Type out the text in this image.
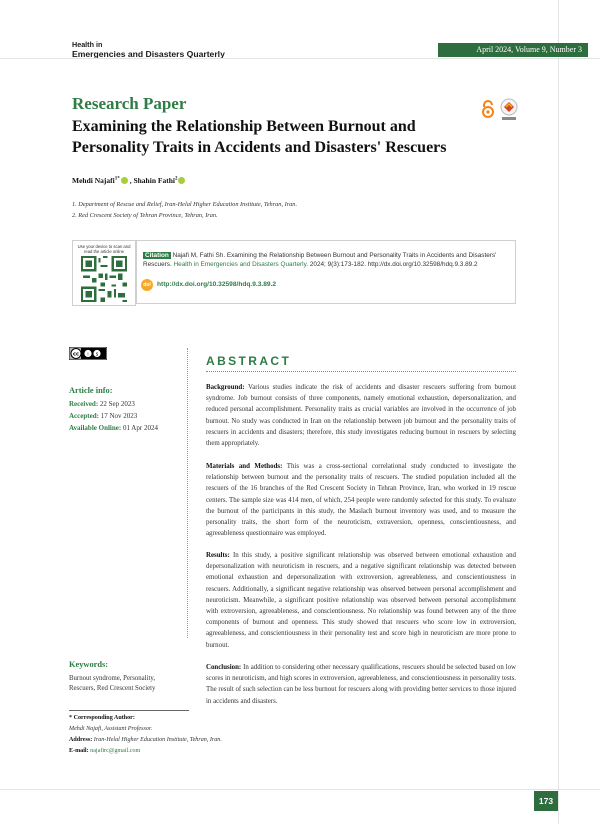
Health in
Emergencies and Disasters Quarterly	April 2024, Volume 9, Number 3
Research Paper
Examining the Relationship Between Burnout and Personality Traits in Accidents and Disasters' Rescuers
Mehdi Najafi$^{1*}$ , Shahin Fathi$^2$
1. Department of Rescue and Relief, Iran-Helal Higher Education Institute, Tehran, Iran.
2. Red Crescent Society of Tehran Province, Tehran, Iran.
Use your device to scan and read the article online
Citation Najafi M, Fathi Sh. Examining the Relationship Between Burnout and Personality Traits in Accidents and Disasters' Rescuers. Health in Emergencies and Disasters Quarterly. 2024; 9(3):173-182. http://dx.doi.org/10.32598/hdq.9.3.89.2
doi http://dx.doi.org/10.32598/hdq.9.3.89.2
cc i $
Article info:
Received: 22 Sep 2023
Accepted: 17 Nov 2023
Available Online: 01 Apr 2024
Keywords:
Burnout syndrome, Personality, Rescuers, Red Crescent Society
ABSTRACT
Background: Various studies indicate the risk of accidents and disaster rescuers suffering from burnout syndrome. Job burnout consists of three components, namely emotional exhaustion, depersonalization, and reduced personal accomplishment. Personality traits as crucial variables are involved in the occurrence of job burnout. No study was conducted in Iran on the relationship between job burnout and the personality traits of rescuers in accidents and disasters; therefore, this study investigates reducing burnout in rescuers by selecting them appropriately.
Materials and Methods: This was a cross-sectional correlational study conducted to investigate the relationship between burnout and the personality traits of rescuers. The studied population included all the rescuers of the 16 branches of the Red Crescent Society in Tehran Province, Iran, who worked in 19 rescue centers. The sample size was 414 men, of which, 254 people were randomly selected for this study. To evaluate the burnout of the participants in this study, the Maslach burnout inventory was used, and to measure the personality traits, the short form of the neuroticism, extraversion, openness, conscientiousness, and agreeableness questionnaire was employed.
Results: In this study, a positive significant relationship was observed between emotional exhaustion and depersonalization with neuroticism in rescuers, and a negative significant relationship was detected between emotional exhaustion and depersonalization with extroversion, agreeableness, and conscientiousness in rescuers. Additionally, a significant negative relationship was observed between personal accomplishment and neuroticism. Meanwhile, a significant positive relationship was observed between personal accomplishment with extroversion, agreeableness, and conscientiousness. No relationship was found between any of the three components of burnout and openness. This study showed that rescuers who score low in extroversion, agreeableness, and conscientiousness in their personality test and score high in neuroticism are more prone to burnout.
Conclusion: In addition to considering other necessary qualifications, rescuers should be selected based on low scores in neuroticism, and high scores in extroversion, agreeableness, and conscientiousness in personality tests. The result of such selection can be less burnout for rescuers along with providing better services to those injured in accidents and disasters.
* Corresponding Author:
Mehdi Najafi, Assistant Professor.
Address: Iran-Helal Higher Education Institute, Tehran, Iran.
E-mail: najafirc@gmail.com
173
